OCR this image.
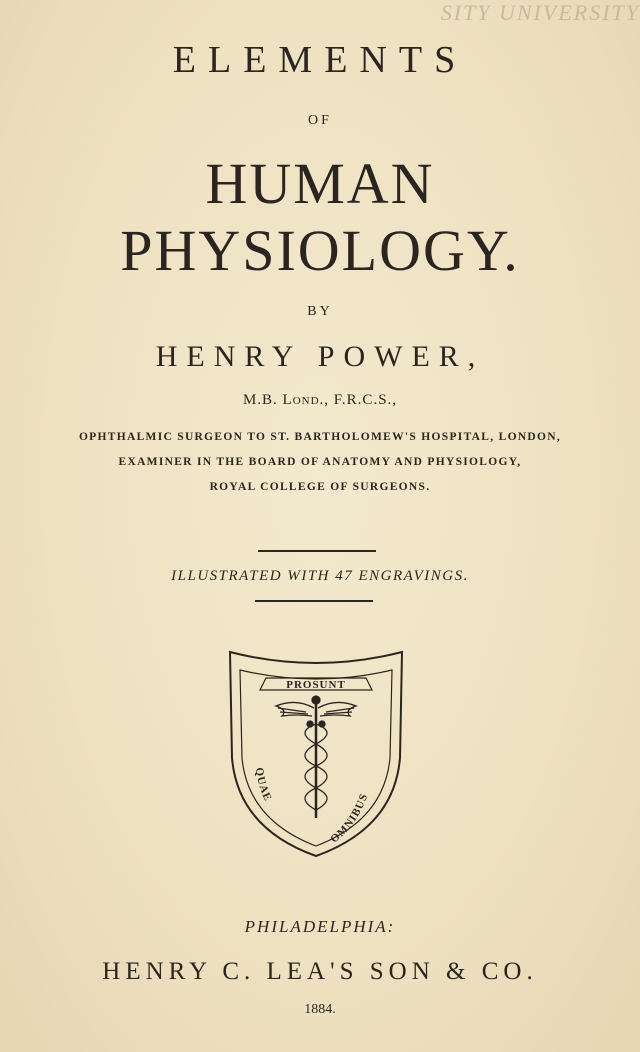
SITY UNIVERSITY
ELEMENTS
OF
HUMAN PHYSIOLOGY.
BY
HENRY POWER,
M.B. Lond., F.R.C.S.,
OPHTHALMIC SURGEON TO ST. BARTHOLOMEW'S HOSPITAL, LONDON,
EXAMINER IN THE BOARD OF ANATOMY AND PHYSIOLOGY,
ROYAL COLLEGE OF SURGEONS.
ILLUSTRATED WITH 47 ENGRAVINGS.
PROSUNT
QUAE
OMNIBUS
PHILADELPHIA:
HENRY C. LEA'S SON & CO.
1884.
